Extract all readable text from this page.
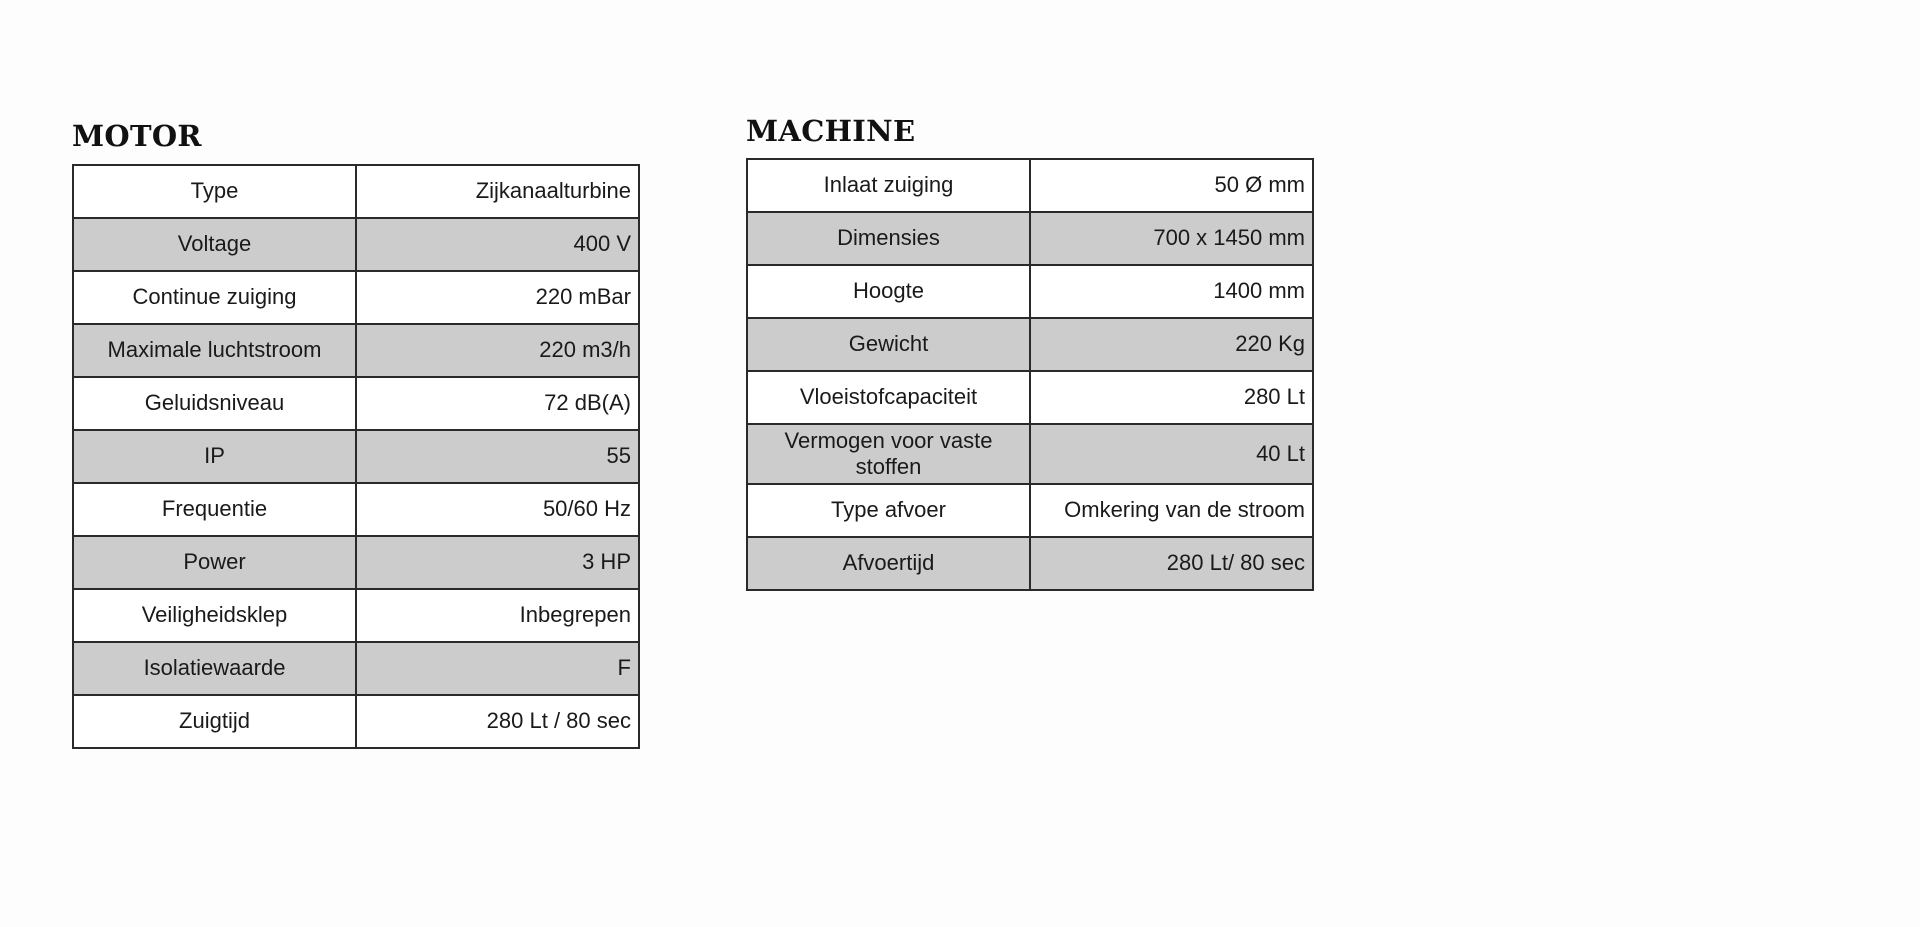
MOTOR
Type	Zijkanaalturbine
Voltage	400 V
Continue zuiging	220 mBar
Maximale luchtstroom	220 m3/h
Geluidsniveau	72 dB(A)
IP	55
Frequentie	50/60 Hz
Power	3 HP
Veiligheidsklep	Inbegrepen
Isolatiewaarde	F
Zuigtijd	280 Lt / 80 sec
MACHINE
Inlaat zuiging	50 Ø mm
Dimensies	700 x 1450 mm
Hoogte	1400 mm
Gewicht	220 Kg
Vloeistofcapaciteit	280 Lt
Vermogen voor vaste stoffen	40 Lt
Type afvoer	Omkering van de stroom
Afvoertijd	280 Lt/ 80 sec
